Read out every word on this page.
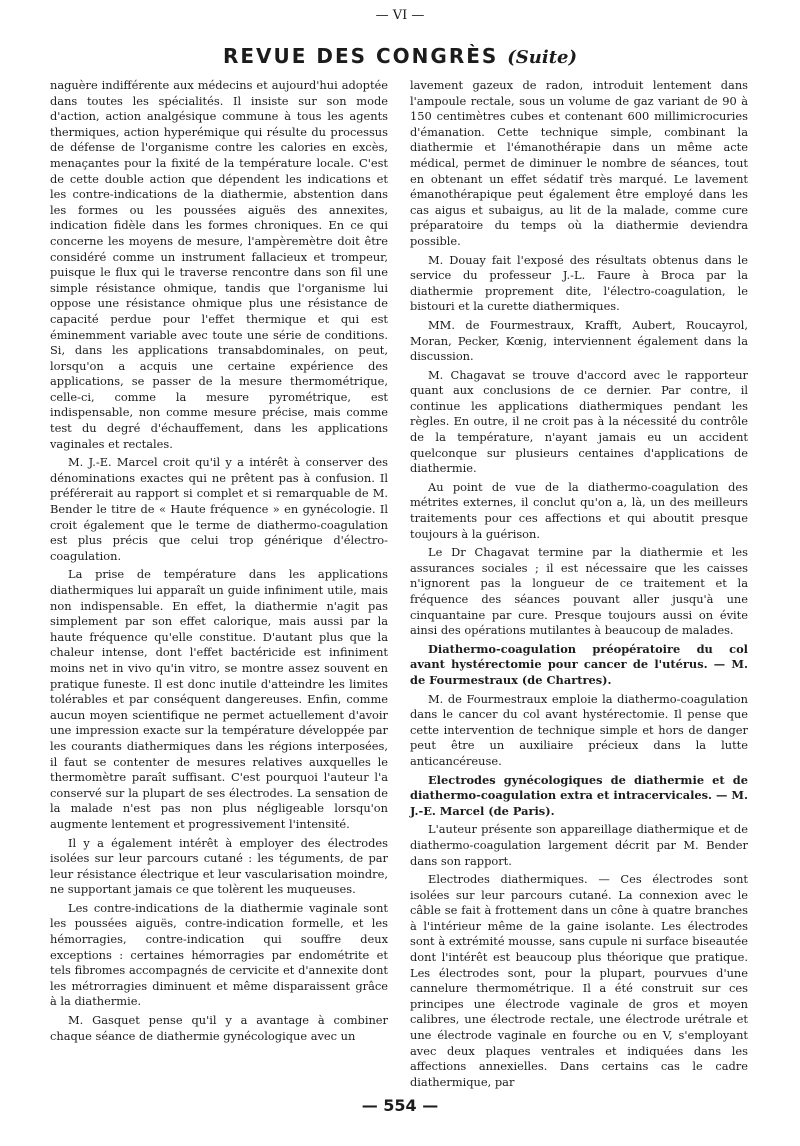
— VI —
REVUE DES CONGRÈS (Suite)

naguère indifférente aux médecins et aujourd'hui adoptée dans toutes les spécialités. Il insiste sur son mode d'action, action analgésique commune à tous les agents thermiques, action hyperémique qui résulte du processus de défense de l'organisme contre les calories en excès, menaçantes pour la fixité de la température locale. C'est de cette double action que dépendent les indications et les contre-indications de la diathermie, abstention dans les formes ou les poussées aiguës des annexites, indication fidèle dans les formes chroniques. En ce qui concerne les moyens de mesure, l'ampèremètre doit être considéré comme un instrument fallacieux et trompeur, puisque le flux qui le traverse rencontre dans son fil une simple résistance ohmique, tandis que l'organisme lui oppose une résistance ohmique plus une résistance de capacité perdue pour l'effet thermique et qui est éminemment variable avec toute une série de conditions. Si, dans les applications transabdominales, on peut, lorsqu'on a acquis une certaine expérience des applications, se passer de la mesure thermométrique, celle-ci, comme la mesure pyrométrique, est indispensable, non comme mesure précise, mais comme test du degré d'échauffement, dans les applications vaginales et rectales.

M. J.-E. Marcel croit qu'il y a intérêt à conserver des dénominations exactes qui ne prêtent pas à confusion. Il préférerait au rapport si complet et si remarquable de M. Bender le titre de « Haute fréquence » en gynécologie. Il croit également que le terme de diathermo-coagulation est plus précis que celui trop générique d'électro-coagulation.

La prise de température dans les applications diathermiques lui apparaît un guide infiniment utile, mais non indispensable. En effet, la diathermie n'agit pas simplement par son effet calorique, mais aussi par la haute fréquence qu'elle constitue. D'autant plus que la chaleur intense, dont l'effet bactéricide est infiniment moins net in vivo qu'in vitro, se montre assez souvent en pratique funeste. Il est donc inutile d'atteindre les limites tolérables et par conséquent dangereuses. Enfin, comme aucun moyen scientifique ne permet actuellement d'avoir une impression exacte sur la température développée par les courants diathermiques dans les régions interposées, il faut se contenter de mesures relatives auxquelles le thermomètre paraît suffisant. C'est pourquoi l'auteur l'a conservé sur la plupart de ses électrodes. La sensation de la malade n'est pas non plus négligeable lorsqu'on augmente lentement et progressivement l'intensité.

Il y a également intérêt à employer des électrodes isolées sur leur parcours cutané : les téguments, de par leur résistance électrique et leur vascularisation moindre, ne supportant jamais ce que tolèrent les muqueuses.

Les contre-indications de la diathermie vaginale sont les poussées aiguës, contre-indication formelle, et les hémorragies, contre-indication qui souffre deux exceptions : certaines hémorragies par endométrite et tels fibromes accompagnés de cervicite et d'annexite dont les métrorragies diminuent et même disparaissent grâce à la diathermie.

M. Gasquet pense qu'il y a avantage à combiner chaque séance de diathermie gynécologique avec un

lavement gazeux de radon, introduit lentement dans l'ampoule rectale, sous un volume de gaz variant de 90 à 150 centimètres cubes et contenant 600 millimicrocuries d'émanation. Cette technique simple, combinant la diathermie et l'émanothérapie dans un même acte médical, permet de diminuer le nombre de séances, tout en obtenant un effet sédatif très marqué. Le lavement émanothérapique peut également être employé dans les cas aigus et subaigus, au lit de la malade, comme cure préparatoire du temps où la diathermie deviendra possible.

M. Douay fait l'exposé des résultats obtenus dans le service du professeur J.-L. Faure à Broca par la diathermie proprement dite, l'électro-coagulation, le bistouri et la curette diathermiques.

MM. de Fourmestraux, Krafft, Aubert, Roucayrol, Moran, Pecker, Kœnig, interviennent également dans la discussion.

M. Chagavat se trouve d'accord avec le rapporteur quant aux conclusions de ce dernier. Par contre, il continue les applications diathermiques pendant les règles. En outre, il ne croit pas à la nécessité du contrôle de la température, n'ayant jamais eu un accident quelconque sur plusieurs centaines d'applications de diathermie.

Au point de vue de la diathermo-coagulation des métrites externes, il conclut qu'on a, là, un des meilleurs traitements pour ces affections et qui aboutit presque toujours à la guérison.

Le Dr Chagavat termine par la diathermie et les assurances sociales ; il est nécessaire que les caisses n'ignorent pas la longueur de ce traitement et la fréquence des séances pouvant aller jusqu'à une cinquantaine par cure. Presque toujours aussi on évite ainsi des opérations mutilantes à beaucoup de malades.

Diathermo-coagulation préopératoire du col avant hystérectomie pour cancer de l'utérus. — M. de Fourmestraux (de Chartres).

M. de Fourmestraux emploie la diathermo-coagulation dans le cancer du col avant hystérectomie. Il pense que cette intervention de technique simple et hors de danger peut être un auxiliaire précieux dans la lutte anticancéreuse.

Electrodes gynécologiques de diathermie et de diathermo-coagulation extra et intracervicales. — M. J.-E. Marcel (de Paris).

L'auteur présente son appareillage diathermique et de diathermo-coagulation largement décrit par M. Bender dans son rapport.

Electrodes diathermiques. — Ces électrodes sont isolées sur leur parcours cutané. La connexion avec le câble se fait à frottement dans un cône à quatre branches à l'intérieur même de la gaine isolante. Les électrodes sont à extrémité mousse, sans cupule ni surface biseautée dont l'intérêt est beaucoup plus théorique que pratique. Les électrodes sont, pour la plupart, pourvues d'une cannelure thermométrique. Il a été construit sur ces principes une électrode vaginale de gros et moyen calibres, une électrode rectale, une électrode urétrale et une électrode vaginale en fourche ou en V, s'employant avec deux plaques ventrales et indiquées dans les affections annexielles. Dans certains cas le cadre diathermique, par

— 554 —
